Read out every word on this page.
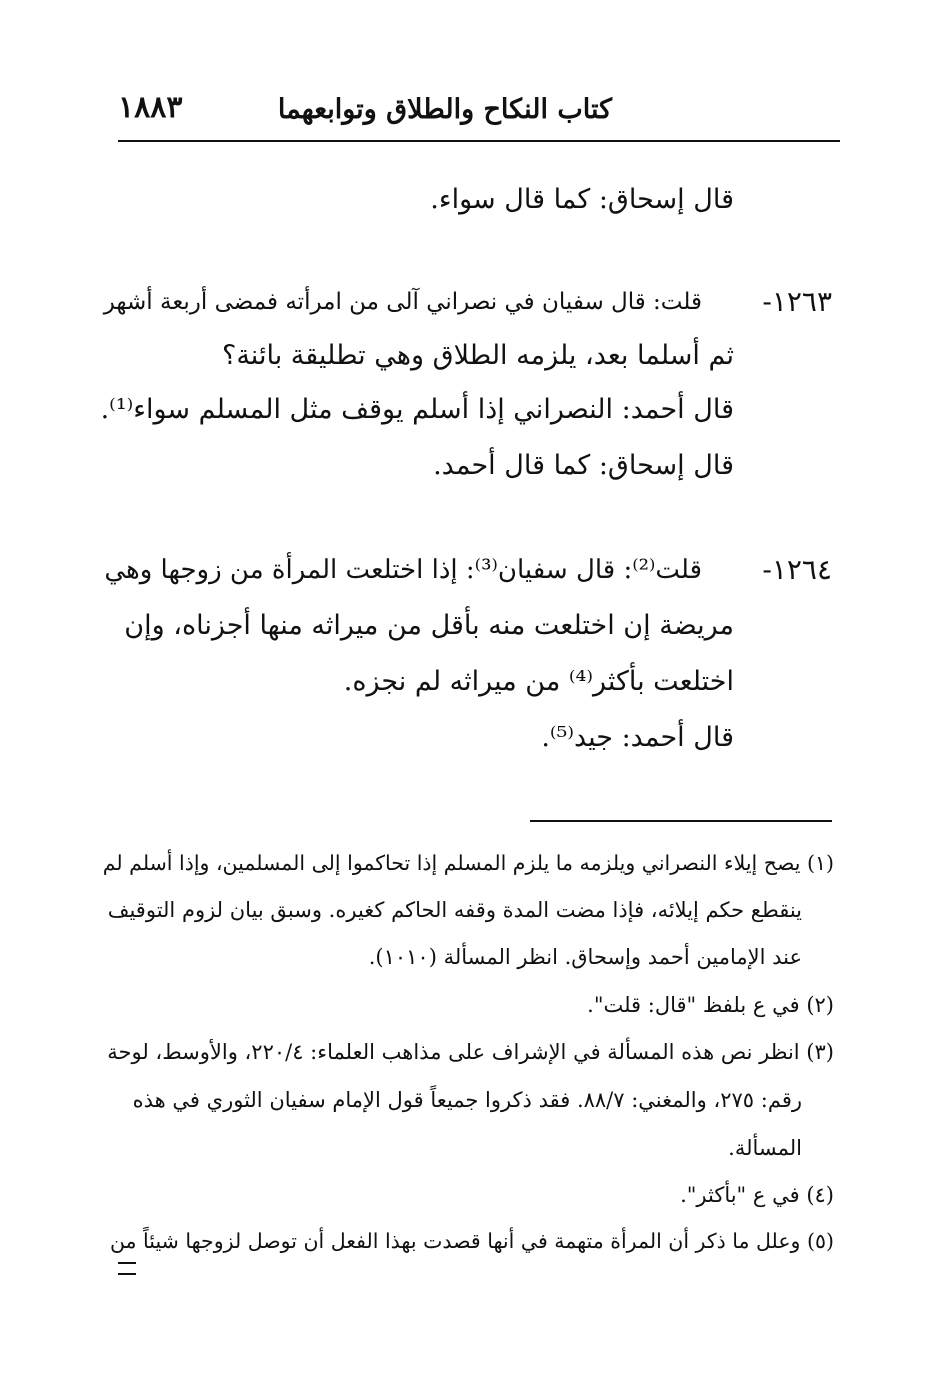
كتاب النكاح والطلاق وتوابعهما
١٨٨٣
قال إسحاق: كما قال سواء.
١٢٦٣-
قلت: قال سفيان في نصراني آلى من امرأته فمضى أربعة أشهر
ثم أسلما بعد، يلزمه الطلاق وهي تطليقة بائنة؟
قال أحمد: النصراني إذا أسلم يوقف مثل المسلم سواء⁽¹⁾.
قال إسحاق: كما قال أحمد.
١٢٦٤-
قلت⁽²⁾: قال سفيان⁽³⁾: إذا اختلعت المرأة من زوجها وهي
مريضة إن اختلعت منه بأقل من ميراثه منها أجزناه، وإن
اختلعت بأكثر⁽⁴⁾ من ميراثه لم نجزه.
قال أحمد: جيد⁽⁵⁾.
(١) يصح إيلاء النصراني ويلزمه ما يلزم المسلم إذا تحاكموا إلى المسلمين، وإذا أسلم لم
ينقطع حكم إيلائه، فإذا مضت المدة وقفه الحاكم كغيره. وسبق بيان لزوم التوقيف
عند الإمامين أحمد وإسحاق. انظر المسألة (١٠١٠).
(٢) في ع بلفظ "قال: قلت".
(٣) انظر نص هذه المسألة في الإشراف على مذاهب العلماء: ٢٢٠/٤، والأوسط، لوحة
رقم: ٢٧٥، والمغني: ٨٨/٧. فقد ذكروا جميعاً قول الإمام سفيان الثوري في هذه
المسألة.
(٤) في ع "بأكثر".
(٥) وعلل ما ذكر أن المرأة متهمة في أنها قصدت بهذا الفعل أن توصل لزوجها شيئاً من
